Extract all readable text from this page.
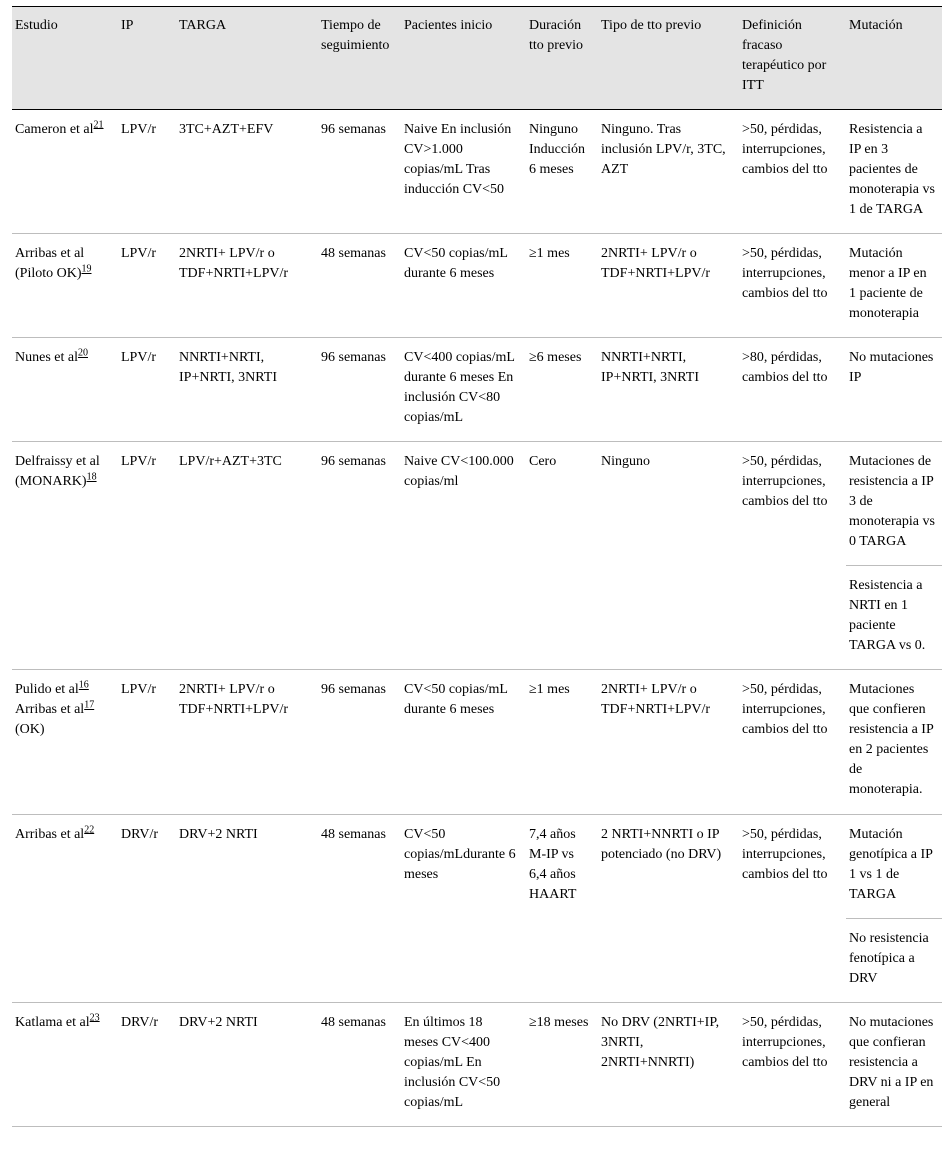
Estudio	IP	TARGA	Tiempo de seguimiento	Pacientes inicio	Duración tto previo	Tipo de tto previo	Definición fracaso terapéutico por ITT	Mutación
Cameron et al$^{21}$	LPV/r	3TC+AZT+EFV	96 semanas	Naive En inclusión CV>1.000 copias/mL Tras inducción CV<50	Ninguno Inducción 6 meses	Ninguno. Tras inclusión LPV/r, 3TC, AZT	>50, pérdidas, interrupciones, cambios del tto	Resistencia a IP en 3 pacientes de monoterapia vs 1 de TARGA

Arribas et al (Piloto OK)$^{19}$	LPV/r	2NRTI+ LPV/r o TDF+NRTI+LPV/r	48 semanas	CV<50 copias/mL durante 6 meses	≥1 mes	2NRTI+ LPV/r o TDF+NRTI+LPV/r	>50, pérdidas, interrupciones, cambios del tto	Mutación menor a IP en 1 paciente de monoterapia

Nunes et al$^{20}$	LPV/r	NNRTI+NRTI, IP+NRTI, 3NRTI	96 semanas	CV<400 copias/mL durante 6 meses En inclusión CV<80 copias/mL	≥6 meses	NNRTI+NRTI, IP+NRTI, 3NRTI	>80, pérdidas, cambios del tto	No mutaciones IP

Delfraissy et al (MONARK)$^{18}$	LPV/r	LPV/r+AZT+3TC	96 semanas	Naive CV<100.000 copias/ml	Cero	Ninguno	>50, pérdidas, interrupciones, cambios del tto	Mutaciones de resistencia a IP 3 de monoterapia vs 0 TARGA
Resistencia a NRTI en 1 paciente TARGA vs 0.

Pulido et al$^{16}$ Arribas et al$^{17}$ (OK)	LPV/r	2NRTI+ LPV/r o TDF+NRTI+LPV/r	96 semanas	CV<50 copias/mL durante 6 meses	≥1 mes	2NRTI+ LPV/r o TDF+NRTI+LPV/r	>50, pérdidas, interrupciones, cambios del tto	Mutaciones que confieren resistencia a IP en 2 pacientes de monoterapia.

Arribas et al$^{22}$	DRV/r	DRV+2 NRTI	48 semanas	CV<50 copias/mLdurante 6 meses	7,4 años M-IP vs 6,4 años HAART	2 NRTI+NNRTI o IP potenciado (no DRV)	>50, pérdidas, interrupciones, cambios del tto	Mutación genotípica a IP 1 vs 1 de TARGA
No resistencia fenotípica a DRV

Katlama et al$^{23}$	DRV/r	DRV+2 NRTI	48 semanas	En últimos 18 meses CV<400 copias/mL En inclusión CV<50 copias/mL	≥18 meses	No DRV (2NRTI+IP, 3NRTI, 2NRTI+NNRTI)	>50, pérdidas, interrupciones, cambios del tto	No mutaciones que confieran resistencia a DRV ni a IP en general
